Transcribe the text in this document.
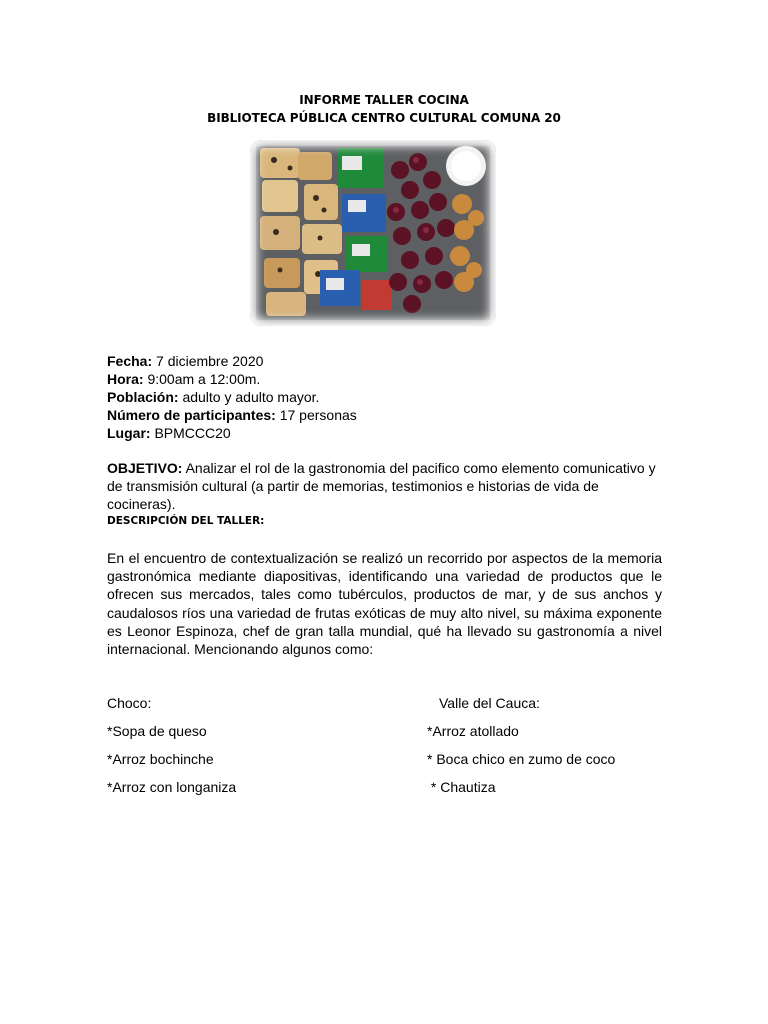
INFORME TALLER COCINA
BIBLIOTECA PÚBLICA CENTRO CULTURAL COMUNA 20
Fecha: 7 diciembre 2020
Hora: 9:00am a 12:00m.
Población: adulto y adulto mayor.
Número de participantes: 17 personas
Lugar: BPMCCC20
OBJETIVO: Analizar el rol de la gastronomia del pacifico como elemento comunicativo y de transmisión cultural (a partir de memorias, testimonios e historias de vida de cocineras).
DESCRIPCIÓN DEL TALLER:
En el encuentro de contextualización se realizó un recorrido por aspectos de la memoria gastronómica mediante diapositivas, identificando una variedad de productos que le ofrecen sus mercados, tales como tubérculos, productos de mar, y de sus anchos y caudalosos ríos una variedad de frutas exóticas de muy alto nivel, su máxima exponente es Leonor Espinoza, chef de gran talla mundial, qué ha llevado su gastronomía a nivel internacional. Mencionando algunos como:
Choco:	Valle del Cauca:
*Sopa de queso
*Arroz bochinche
*Arroz con longaniza
*Arroz atollado
* Boca chico en zumo de coco
* Chautiza
